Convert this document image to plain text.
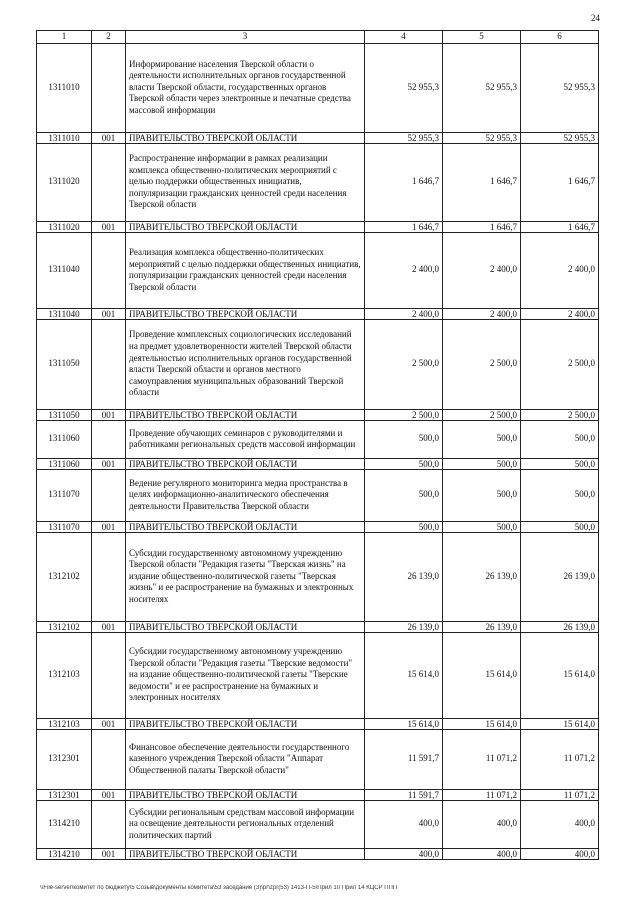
24
1	2	3	4	5	6
1311010		Информирование населения Тверской области о деятельности исполнительных органов государственной власти Тверской области, государственных органов Тверской области через электронные и печатные средства массовой информации	52 955,3	52 955,3	52 955,3
1311010	001	ПРАВИТЕЛЬСТВО ТВЕРСКОЙ ОБЛАСТИ	52 955,3	52 955,3	52 955,3
1311020		Распространение информации в рамках реализации комплекса общественно-политических мероприятий с целью поддержки общественных инициатив, популяризации гражданских ценностей среди населения Тверской области	1 646,7	1 646,7	1 646,7
1311020	001	ПРАВИТЕЛЬСТВО ТВЕРСКОЙ ОБЛАСТИ	1 646,7	1 646,7	1 646,7
1311040		Реализация комплекса общественно-политических мероприятий с целью поддержки общественных инициатив, популяризации гражданских ценностей среди населения Тверской области	2 400,0	2 400,0	2 400,0
1311040	001	ПРАВИТЕЛЬСТВО ТВЕРСКОЙ ОБЛАСТИ	2 400,0	2 400,0	2 400,0
1311050		Проведение комплексных социологических исследований на предмет удовлетворенности жителей Тверской области деятельностью исполнительных органов государственной власти Тверской области и органов местного самоуправления муниципальных образований Тверской области	2 500,0	2 500,0	2 500,0
1311050	001	ПРАВИТЕЛЬСТВО ТВЕРСКОЙ ОБЛАСТИ	2 500,0	2 500,0	2 500,0
1311060		Проведение обучающих семинаров с руководителями и работниками региональных средств массовой информации	500,0	500,0	500,0
1311060	001	ПРАВИТЕЛЬСТВО ТВЕРСКОЙ ОБЛАСТИ	500,0	500,0	500,0
1311070		Ведение регулярного мониторинга медиа пространства в целях информационно-аналитического обеспечения деятельности Правительства Тверской области	500,0	500,0	500,0
1311070	001	ПРАВИТЕЛЬСТВО ТВЕРСКОЙ ОБЛАСТИ	500,0	500,0	500,0
1312102		Субсидии государственному автономному учреждению Тверской области "Редакция газеты "Тверская жизнь" на издание общественно-политической газеты "Тверская жизнь" и ее распространение на бумажных и электронных носителях	26 139,0	26 139,0	26 139,0
1312102	001	ПРАВИТЕЛЬСТВО ТВЕРСКОЙ ОБЛАСТИ	26 139,0	26 139,0	26 139,0
1312103		Субсидии государственному автономному учреждению Тверской области "Редакция газеты "Тверские ведомости" на издание общественно-политической газеты "Тверские ведомости" и ее распространение на бумажных и электронных носителях	15 614,0	15 614,0	15 614,0
1312103	001	ПРАВИТЕЛЬСТВО ТВЕРСКОЙ ОБЛАСТИ	15 614,0	15 614,0	15 614,0
1312301		Финансовое обеспечение деятельности государственного казенного учреждения Тверской области "Аппарат Общественной палаты Тверской области"	11 591,7	11 071,2	11 071,2
1312301	001	ПРАВИТЕЛЬСТВО ТВЕРСКОЙ ОБЛАСТИ	11 591,7	11 071,2	11 071,2
1314210		Субсидии региональным средствам массовой информации на освещение деятельности региональных отделений политических партий	400,0	400,0	400,0
1314210	001	ПРАВИТЕЛЬСТВО ТВЕРСКОЙ ОБЛАСТИ	400,0	400,0	400,0
\\File-server\комитет по бюджету\5 Созыв\документы комитета\53 заседание (3)\pr\zpr(53) 1413-П-5\Прил 10 Прил 14 КЦСР ППП
